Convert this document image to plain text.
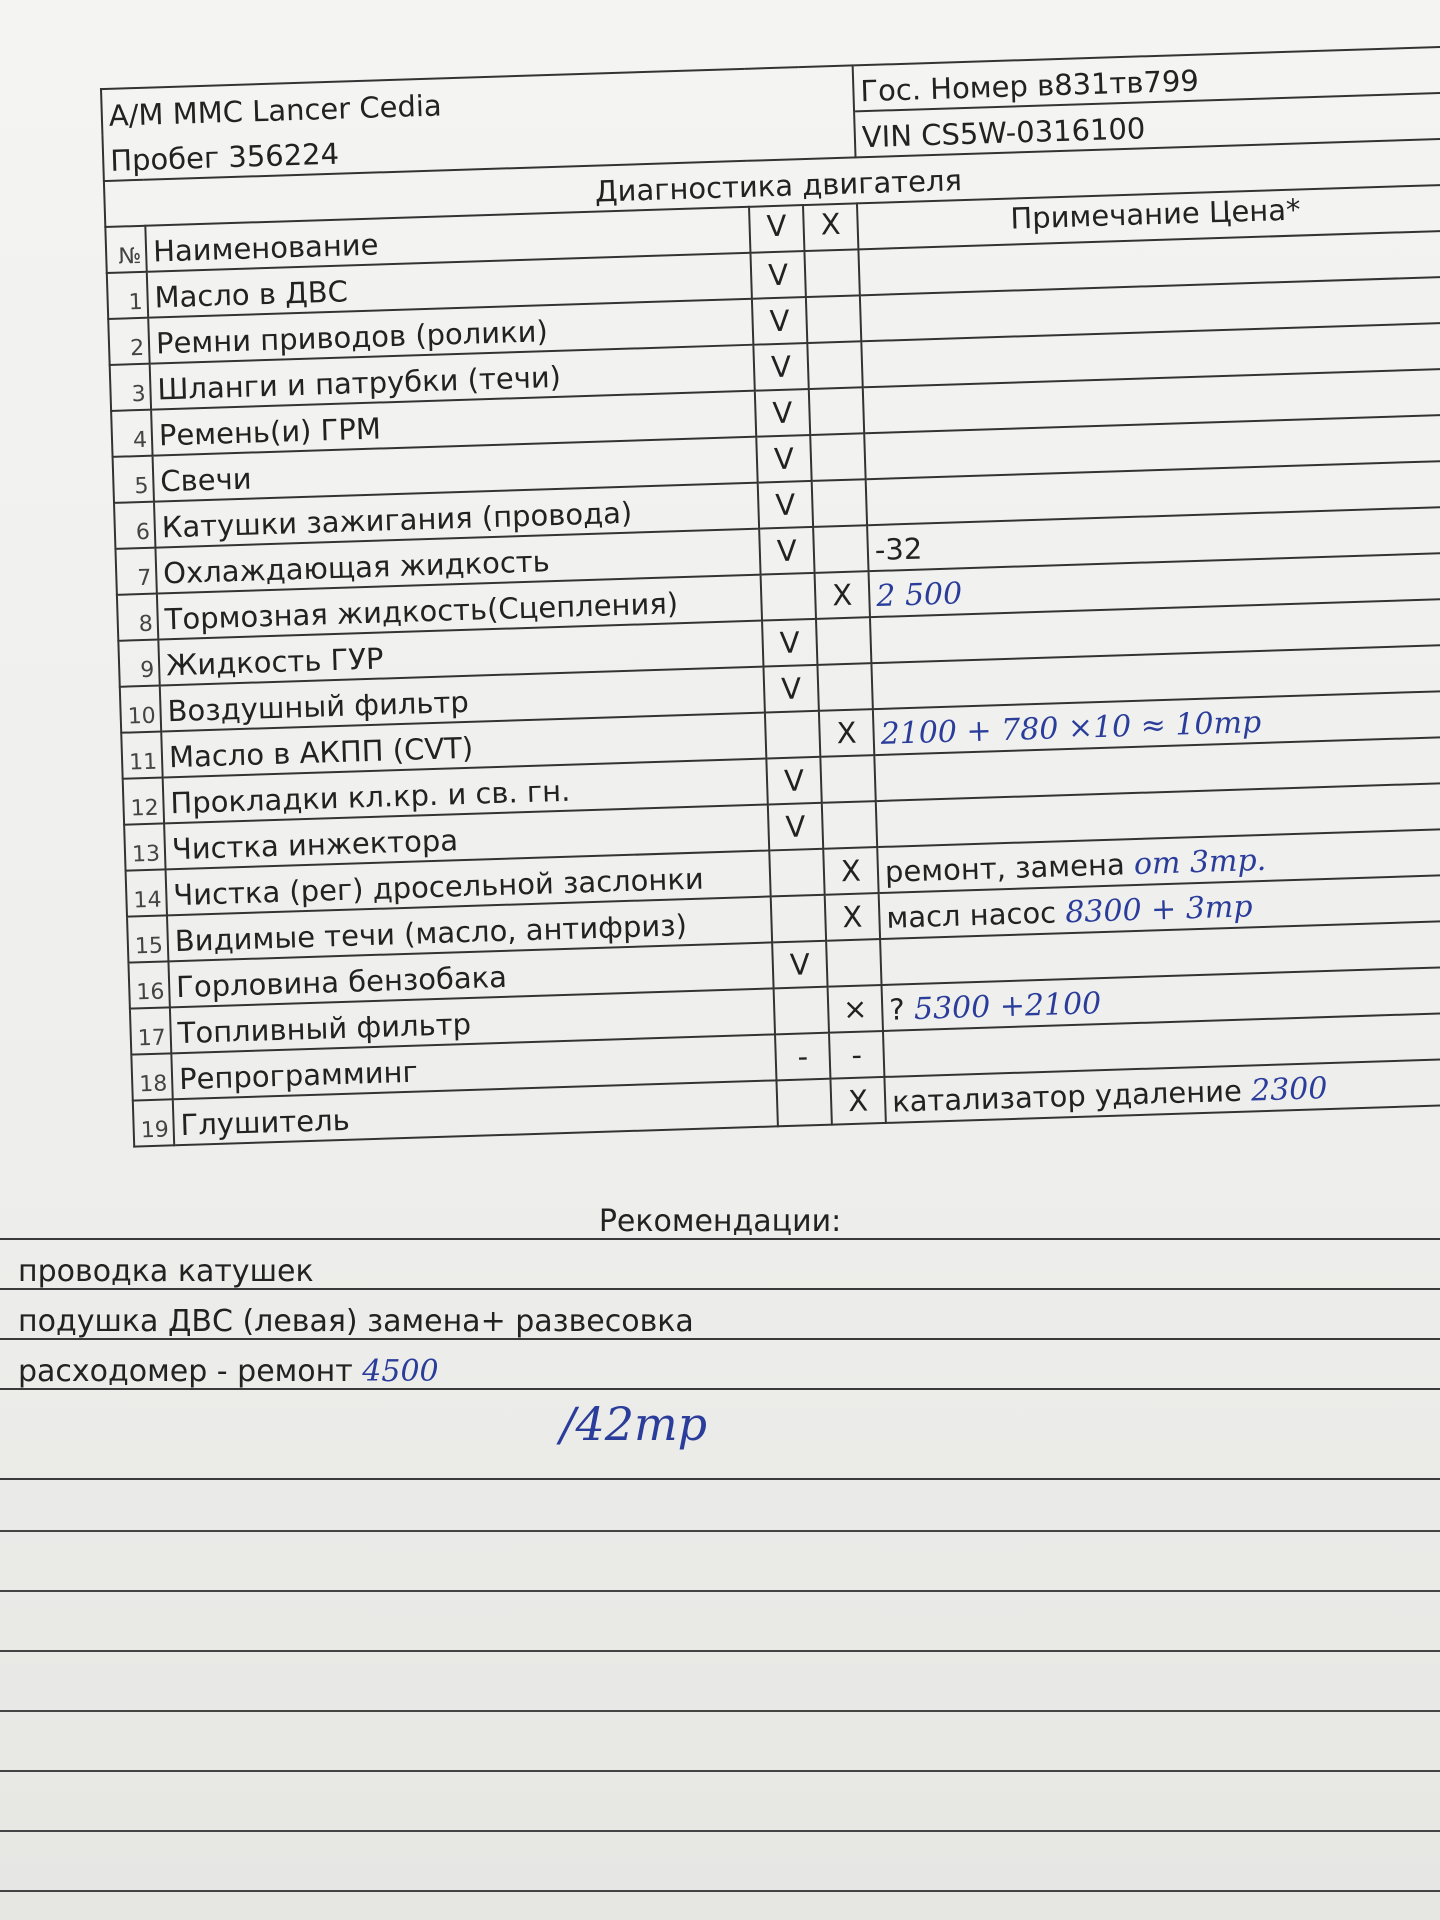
А/М ММС Lancer Cedia				Гос. Номер в831тв799
Пробег 356224				VIN CS5W-0316100
Диагностика двигателя				
№	Наименование	V	X	Примечание Цена*
1	Масло в ДВС	V		
2	Ремни приводов (ролики)	V		
3	Шланги и патрубки (течи)	V		
4	Ремень(и) ГРМ	V		
5	Свечи	V		
6	Катушки зажигания (провода)	V		
7	Охлаждающая жидкость	V		-32
8	Тормозная жидкость(Сцепления)		X	2 500
9	Жидкость ГУР	V		
10	Воздушный фильтр	V		
11	Масло в АКПП (CVT)		X	2100 + 780 ×10 ≈ 10тр
12	Прокладки кл.кр. и св. гн.	V		
13	Чистка инжектора	V		
14	Чистка (рег) дросельной заслонки		X	ремонт, замена от 3тр.
15	Видимые течи (масло, антифриз)		X	масл насос 8300 + 3тр
16	Горловина бензобака	V		
17	Топливный фильтр		×	? 5300 +2100
18	Репрограмминг	-	-	
19	Глушитель		X	катализатор удаление 2300
Рекомендации:
проводка катушек
подушка ДВС (левая) замена+ развесовка
расходомер - ремонт 4500
/42тр
